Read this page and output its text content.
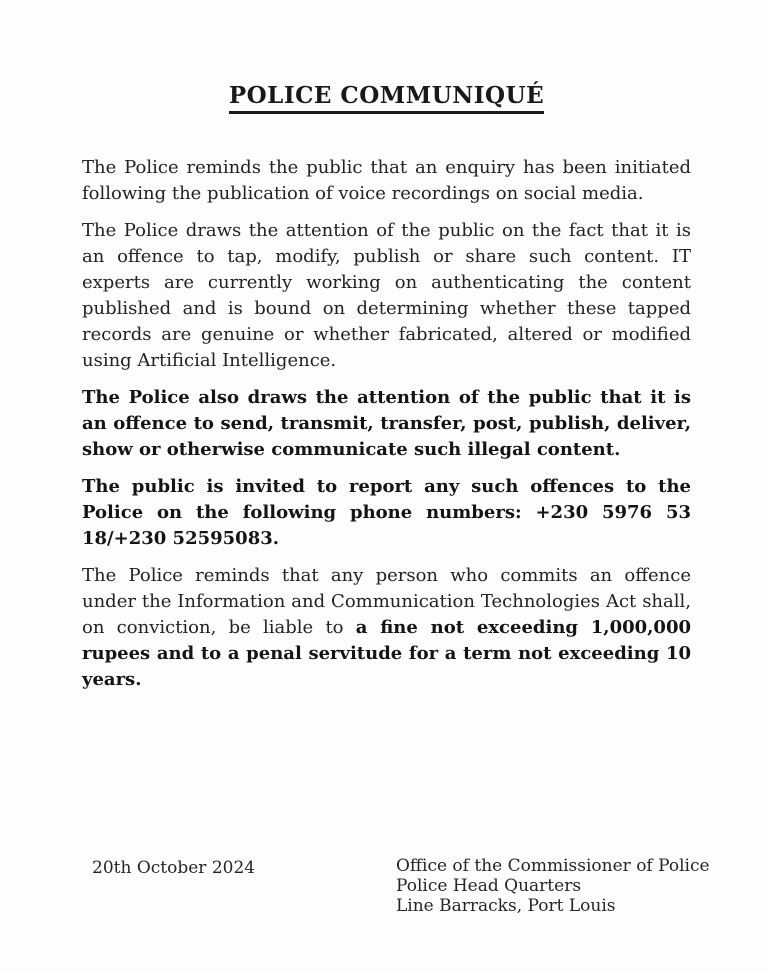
POLICE COMMUNIQUÉ

The Police reminds the public that an enquiry has been initiated following the publication of voice recordings on social media.

The Police draws the attention of the public on the fact that it is an offence to tap, modify, publish or share such content. IT experts are currently working on authenticating the content published and is bound on determining whether these tapped records are genuine or whether fabricated, altered or modified using Artificial Intelligence.

The Police also draws the attention of the public that it is an offence to send, transmit, transfer, post, publish, deliver, show or otherwise communicate such illegal content.

The public is invited to report any such offences to the Police on the following phone numbers: +230 5976 53 18/+230 52595083.

The Police reminds that any person who commits an offence under the Information and Communication Technologies Act shall, on conviction, be liable to a fine not exceeding 1,000,000 rupees and to a penal servitude for a term not exceeding 10 years.

20th October 2024	Office of the Commissioner of Police
Police Head Quarters
Line Barracks, Port Louis
